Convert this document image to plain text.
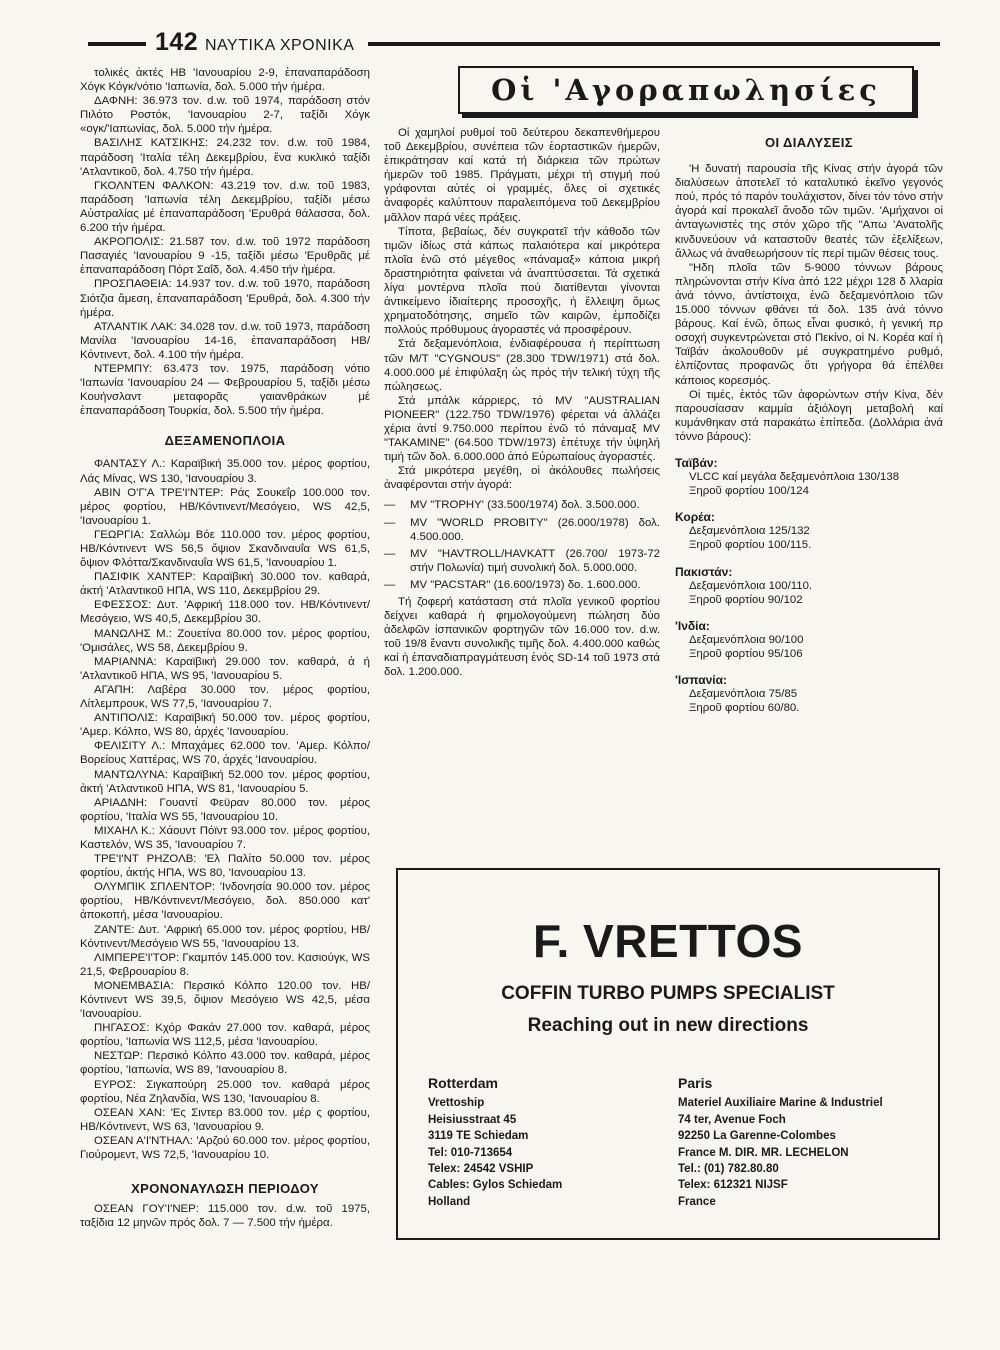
142 ΝΑΥΤΙΚΑ ΧΡΟΝΙΚΑ

τολικές ἀκτές ΗΒ 'Ιανουαρίου 2-9, ἐπαναπαράδοση Χόγκ Κόγκ/νότιο 'Ιαπωνία, δολ. 5.000 τήν ἡμέρα.

ΔΑΦΝΗ: 36.973 τον. d.w. τοῦ 1974, παράδοση στόν Πιλότο Ροστόκ, 'Ιανουαρίου 2-7, ταξίδι Χόγκ «ογκ/'Ιαπωνίας, δολ. 5.000 τήν ἡμέρα.

ΒΑΣΙΛΗΣ ΚΑΤΣΙΚΗΣ: 24.232 τον. d.w. τοῦ 1984, παράδοση 'Ιταλία τέλη Δεκεμβρίου, ἕνα κυκλικό ταξίδι 'Ατλαντικοῦ, δολ. 4.750 τήν ἡμέρα.

ΓΚΟΛΝΤΕΝ ΦΑΛΚΟΝ: 43.219 τον. d.w. τοῦ 1983, παράδοση 'Ιαπωνία τέλη Δεκεμβρίου, ταξίδι μέσω Αὐστραλίας μέ ἐπαναπαράδοση 'Ερυθρά θάλασσα, δολ. 6.200 τήν ἡμέρα.

ΑΚΡΟΠΟΛΙΣ: 21.587 τον. d.w. τοῦ 1972 παράδοση Πασαγιές 'Ιανουαρίου 9 -15, ταξίδι μέσω 'Ερυθρᾶς μέ ἐπαναπαράδοση Πόρτ Σαΐδ, δολ. 4.450 τήν ἡμέρα.

ΠΡΟΣΠΑΘΕΙΑ: 14.937 τον. d.w. τοῦ 1970, παράδοση Σιότζια ἄμεση, ἐπαναπαράδοση 'Ερυθρά, δολ. 4.300 τήν ἡμέρα.

ΑΤΛΑΝΤΙΚ ΛΑΚ: 34.028 τον. d.w. τοῦ 1973, παράδοση Μανίλα 'Ιανουαρίου 14-16, ἐπαναπαράδοση ΗΒ/Κόντινεντ, δολ. 4.100 τήν ἡμέρα.

ΝΤΕΡΜΠΥ: 63.473 τον. 1975, παράδοση νότιο 'Ιαπωνία 'Ιανουαρίου 24 — Φεβρουαρίου 5, ταξίδι μέσω Κουήνσλαντ μεταφορᾶς γαιανθράκων μέ ἐπαναπαράδοση Τουρκία, δολ. 5.500 τήν ἡμέρα.

ΔΕΞΑΜΕΝΟΠΛΟΙΑ

ΦΑΝΤΑΣΥ Λ.: Καραϊβική 35.000 τον. μέρος φορτίου, Λάς Μίνας, WS 130, 'Ιανουαρίου 3.

ΑΒΙΝ Ο'Γ'Α ΤΡΕ'Ι'ΝΤΕΡ: Ράς Σουκεΐρ 100.000 τον. μέρος φορτίου, ΗΒ/Κόντινεντ/Μεσόγειο, WS 42,5, 'Ιανουαρίου 1.

ΓΕΩΡΓΙΑ: Σαλλώμ Βόε 110.000 τον. μέρος φορτίου, ΗΒ/Κόντινεντ WS 56,5 ὄψιον Σκανδιναυΐα WS 61,5, ὄψιον Φλόττα/Σκανδιναυΐα WS 61,5, 'Ιανουαρίου 1.

ΠΑΣΙΦΙΚ ΧΑΝΤΕΡ: Καραϊβική 30.000 τον. καθαρά, ἀκτή 'Ατλαντικοῦ ΗΠΑ, WS 110, Δεκεμβρίου 29.

ΕΦΕΣΣΟΣ: Δυτ. 'Αφρική 118.000 τον. ΗΒ/Κόντινεντ/Μεσόγειο, WS 40,5, Δεκεμβρίου 30.

ΜΑΝΩΛΗΣ Μ.: Ζουετίνα 80.000 τον. μέρος φορτίου, 'Ομισάλες, WS 58, Δεκεμβρίου 9.

ΜΑΡΙΑΝΝΑ: Καραϊβική 29.000 τον. καθαρά, ἀ ή 'Ατλαντικοῦ ΗΠΑ, WS 95, 'Ιανουαρίου 5.

ΑΓΑΠΗ: Λαβέρα 30.000 τον. μέρος φορτίου, Λίτλεμπρουκ, WS 77,5, 'Ιανουαρίου 7.

ΑΝΤΙΠΟΛΙΣ: Καραϊβική 50.000 τον. μέρος φορτίου, 'Αμερ. Κόλπο, WS 80, ἀρχές 'Ιανουαρίου.

ΦΕΛΙΣΙΤΥ Λ.: Μπαχάμες 62.000 τον. 'Αμερ. Κόλπο/Βορείους Χαττέρας, WS 70, ἀρχές 'Ιανουαρίου.

ΜΑΝΤΩΛΥΝΑ: Καραϊβική 52.000 τον. μέρος φορτίου, ἀκτή 'Ατλαντικοῦ ΗΠΑ, WS 81, 'Ιανουαρίου 5.

ΑΡΙΑΔΝΗ: Γουαντί Φεϋραν 80.000 τον. μέρος φορτίου, 'Ιταλία WS 55, 'Ιανουαρίου 10.

ΜΙΧΑΗΛ Κ.: Χάουντ Πόϊντ 93.000 τον. μέρος φορτίου, Καστελόν, WS 35, 'Ιανουαρίου 7.

ΤΡΕ'Ι'ΝΤ ΡΗΖΟΛΒ: 'Ελ Παλίτο 50.000 τον. μέρος φορτίου, ἀκτής ΗΠΑ, WS 80, 'Ιανουαρίου 13.

ΟΛΥΜΠΙΚ ΣΠΛΕΝΤΟΡ: 'Ινδονησία 90.000 τον. μέρος φορτίου, ΗΒ/Κόντινεντ/Μεσόγειο, δολ. 850.000 κατ' ἀποκοπή, μέσα 'Ιανουαρίου.

ΖΑΝΤΕ: Δυτ. 'Αφρική 65.000 τον. μέρος φορτίου, ΗΒ/Κόντινεντ/Μεσόγειο WS 55, 'Ιανουαρίου 13.

ΛΙΜΠΕΡΕ'Ι'ΤΟΡ: Γκαμπόν 145.000 τον. Κασιούγκ, WS 21,5, Φεβρουαρίου 8.

ΜΟΝΕΜΒΑΣΙΑ: Περσικό Κόλπο 120.00 τον. ΗΒ/Κόντινεντ WS 39,5, ὄψιον Μεσόγειο WS 42,5, μέσα 'Ιανουαρίου.

ΠΗΓΑΣΟΣ: Κχόρ Φακάν 27.000 τον. καθαρά, μέρος φορτίου, 'Ιαπωνία WS 112,5, μέσα 'Ιανουαρίου.

ΝΕΣΤΩΡ: Περσικό Κόλπο 43.000 τον. καθαρά, μέρος φορτίου, 'Ιαπωνία, WS 89, 'Ιανουαρίου 8.

ΕΥΡΟΣ: Σιγκαπούρη 25.000 τον. καθαρά μέρος φορτίου, Νέα Ζηλανδία, WS 130, 'Ιανουαρίου 8.

ΟΣΕΑΝ ΧΑΝ: 'Ες Σιντερ 83.000 τον. μέρ ς φορτίου, ΗΒ/Κόντινεντ, WS 63, 'Ιανουαρίου 9.

ΟΣΕΑΝ Α'Ι'ΝΤΗΑΛ: 'Αρζού 60.000 τον. μέρος φορτίου, Γιούρομεντ, WS 72,5, 'Ιανουαρίου 10.

ΧΡΟΝΟΝΑΥΛΩΣΗ ΠΕΡΙΟΔΟΥ

ΟΣΕΑΝ ΓΟΥ'Ι'ΝΕΡ: 115.000 τον. d.w. τοῦ 1975, ταξίδια 12 μηνῶν πρός δολ. 7 — 7.500 τήν ἡμέρα.

Οἱ 'Αγοραπωλησίες

Οἱ χαμηλοί ρυθμοί τοῦ δεύτερου δεκαπενθήμερου τοῦ Δεκεμβρίου, συνέπεια τῶν ἑορταστικῶν ἡμερῶν, ἐπικράτησαν καί κατά τή διάρκεια τῶν πρώτων ἡμερῶν τοῦ 1985. Πράγματι, μέχρι τή στιγμή πού γράφονται αὐτές οἱ γραμμές, ὅλες οἱ σχετικές ἀναφορές καλύπτουν παραλειπόμενα τοῦ Δεκεμβρίου μᾶλλον παρά νέες πράξεις.

Τίποτα, βεβαίως, δέν συγκρατεῖ τήν κάθοδο τῶν τιμῶν ἰδίως στά κάπως παλαιότερα καί μικρότερα πλοῖα ἐνῶ στό μέγεθος «πάναμαξ» κάποια μικρή δραστηριότητα φαίνεται νά ἀναπτύσσεται. Τά σχετικά λίγα μοντέρνα πλοῖα πού διατίθενται γίνονται ἀντικείμενο ἰδιαίτερης προσοχῆς, ἡ ἔλλειψη ὅμως χρηματοδότησης, σημεῖο τῶν καιρῶν, ἐμποδίζει πολλούς πρόθυμους ἀγοραστές νά προσφέρουν.

Στά δεξαμενόπλοια, ἐνδιαφέρουσα ἡ περίπτωση τῶν Μ/Τ "CYGNOUS" (28.300 TDW/1971) στά δολ. 4.000.000 μέ ἐπιφύλαξη ὡς πρός τήν τελική τύχη τῆς πώλησεως.

Στά μπάλκ κάρριερς, τό MV "AUSTRALIAN PIONEER" (122.750 TDW/1976) φέρεται νά ἀλλάζει χέρια ἀντί 9.750.000 περίπου ἐνῶ τό πάναμαξ MV "TAKAMINE" (64.500 TDW/1973) ἐπέτυχε τήν ὑψηλή τιμή τῶν δολ. 6.000.000 ἀπό Εὐρωπαίους ἀγοραστές.

Στά μικρότερα μεγέθη, οἱ ἀκόλουθες πωλήσεις ἀναφέρονται στήν ἀγορά:

—	MV "TROPHY' (33.500/1974) δολ. 3.500.000.
—	MV "WORLD PROBITY" (26.000/1978) δολ. 4.500.000.
—	MV "HAVTROLL/HAVKATT (26.700/ 1973-72 στήν Πολωνία) τιμή συνολική δολ. 5.000.000.
—	MV "PACSTAR" (16.600/1973) δο. 1.600.000.

Τή ζοφερή κατάσταση στά πλοῖα γενικοῦ φορτίου δείχνει καθαρά ἡ φημολογούμενη πώληση δύο ἀδελφῶν ἰσπανικῶν φορτηγῶν τῶν 16.000 τον. d.w. τοῦ 19/8 ἔναντι συνολικῆς τιμῆς δολ. 4.400.000 καθώς καί ἡ ἐπαναδιαπραγμάτευση ἑνός SD-14 τοῦ 1973 στά δολ. 1.200.000.

ΟΙ ΔΙΑΛΥΣΕΙΣ

'Η δυνατή παρουσία τῆς Κίνας στήν ἀγορά τῶν διαλύσεων ἀποτελεῖ τό καταλυτικό ἐκεῖνο γεγονός πού, πρός τό παρόν τουλάχιστον, δίνει τόν τόνο στήν ἀγορά καί προκαλεῖ ἄνοδο τῶν τιμῶν. 'Αμήχανοι οἱ ἀνταγωνιστές της στόν χῶρο τῆς "Απω 'Ανατολῆς κινδυνεύουν νά καταστοῦν θεατές τῶν ἐξελίξεων, ἄλλως νά ἀναθεωρήσουν τίς περί τιμῶν θέσεις τους.

"Ηδη πλοῖα τῶν 5-9000 τόννων βάρους πληρώνονται στήν Κίνα ἀπό 122 μέχρι 128 δ λλαρία ἀνά τόννο, ἀντίστοιχα, ἐνῶ δεξαμενόπλοιο τῶν 15.000 τόννων φθάνει τά δολ. 135 ἀνά τόννο βάρους. Καί ἐνῶ, ὅπως εἶναι φυσικό, ἡ γενική πρ οσοχή συγκεντρώνεται στό Πεκίνο, οἱ Ν. Κορέα καί ἡ Ταϊβάν ἀκολουθοῦν μέ συγκρατημένο ρυθμό, ἐλπίζοντας προφανῶς ὅτι γρήγορα θά ἐπέλθει κάποιος κορεσμός.

Οἱ τιμές, ἐκτός τῶν ἀφορώντων στήν Κίνα, δέν παρουσίασαν καμμία ἀξιόλογη μεταβολή καί κυμάνθηκαν στά παρακάτω ἐπίπεδα. (Δολλάρια ἀνά τόννο βάρους):

Ταϊβάν:
VLCC καί μεγάλα δεξαμενόπλοια 130/138
Ξηροῦ φορτίου 100/124
Κορέα:
Δεξαμενόπλοια 125/132
Ξηροῦ φορτίου 100/115.
Πακιστάν:
Δεξαμενόπλοια 100/110.
Ξηροῦ φορτίου 90/102
'Ινδία:
Δεξαμενόπλοια 90/100
Ξηροῦ φορτίου 95/106
'Ισπανία:
Δεξαμενόπλοια 75/85
Ξηροῦ φορτίου 60/80.
F. VRETTOS
COFFIN TURBO PUMPS SPECIALIST
Reaching out in new directions
Rotterdam
Vrettoship
Heisiusstraat 45
3119 TE Schiedam
Tel: 010-713654
Telex: 24542 VSHIP
Cables: Gylos Schiedam
Holland
Paris
Materiel Auxiliaire Marine & Industriel
74 ter, Avenue Foch
92250 La Garenne-Colombes
France M. DIR. MR. LECHELON
Tel.: (01) 782.80.80
Telex: 612321 NIJSF
France
